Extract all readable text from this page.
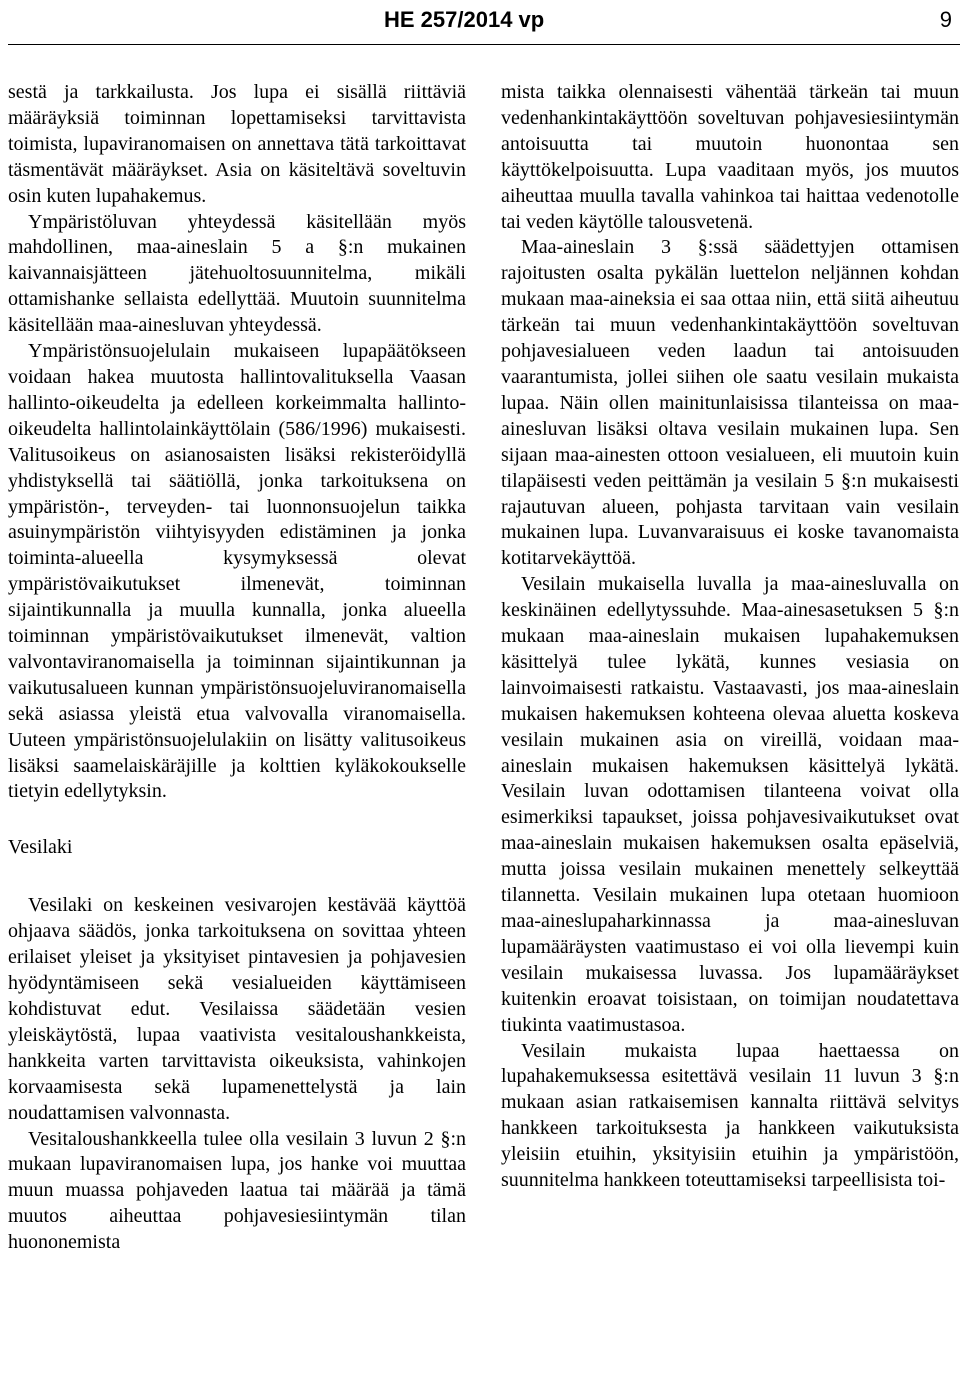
HE 257/2014 vp	9

sestä ja tarkkailusta. Jos lupa ei sisällä riittäviä määräyksiä toiminnan lopettamiseksi tarvittavista toimista, lupaviranomaisen on annettava tätä tarkoittavat täsmentävät määräykset. Asia on käsiteltävä soveltuvin osin kuten lupahakemus.

Ympäristöluvan yhteydessä käsitellään myös mahdollinen, maa-aineslain 5 a §:n mukainen kaivannaisjätteen jätehuoltosuunnitelma, mikäli ottamishanke sellaista edellyttää. Muutoin suunnitelma käsitellään maa-ainesluvan yhteydessä.

Ympäristönsuojelulain mukaiseen lupapäätökseen voidaan hakea muutosta hallintovalituksella Vaasan hallinto-oikeudelta ja edelleen korkeimmalta hallinto-oikeudelta hallintolainkäyttölain (586/1996) mukaisesti. Valitusoikeus on asianosaisten lisäksi rekisteröidyllä yhdistyksellä tai säätiöllä, jonka tarkoituksena on ympäristön-, terveyden- tai luonnonsuojelun taikka asuinympäristön viihtyisyyden edistäminen ja jonka toiminta-alueella kysymyksessä olevat ympäristövaikutukset ilmenevät, toiminnan sijaintikunnalla ja muulla kunnalla, jonka alueella toiminnan ympäristövaikutukset ilmenevät, valtion valvontaviranomaisella ja toiminnan sijaintikunnan ja vaikutusalueen kunnan ympäristönsuojeluviranomaisella sekä asiassa yleistä etua valvovalla viranomaisella. Uuteen ympäristönsuojelulakiin on lisätty valitusoikeus lisäksi saamelaiskäräjille ja kolttien kyläkokoukselle tietyin edellytyksin.

Vesilaki

Vesilaki on keskeinen vesivarojen kestävää käyttöä ohjaava säädös, jonka tarkoituksena on sovittaa yhteen erilaiset yleiset ja yksityiset pintavesien ja pohjavesien hyödyntämiseen sekä vesialueiden käyttämiseen kohdistuvat edut. Vesilaissa säädetään vesien yleiskäytöstä, lupaa vaativista vesitaloushankkeista, hankkeita varten tarvittavista oikeuksista, vahinkojen korvaamisesta sekä lupamenettelystä ja lain noudattamisen valvonnasta.

Vesitaloushankkeella tulee olla vesilain 3 luvun 2 §:n mukaan lupaviranomaisen lupa, jos hanke voi muuttaa muun muassa pohjaveden laatua tai määrää ja tämä muutos aiheuttaa pohjavesiesiintymän tilan huononemista

mista taikka olennaisesti vähentää tärkeän tai muun vedenhankintakäyttöön soveltuvan pohjavesiesiintymän antoisuutta tai muutoin huonontaa sen käyttökelpoisuutta. Lupa vaaditaan myös, jos muutos aiheuttaa muulla tavalla vahinkoa tai haittaa vedenotolle tai veden käytölle talousvetenä.

Maa-aineslain 3 §:ssä säädettyjen ottamisen rajoitusten osalta pykälän luettelon neljännen kohdan mukaan maa-aineksia ei saa ottaa niin, että siitä aiheutuu tärkeän tai muun vedenhankintakäyttöön soveltuvan pohjavesialueen veden laadun tai antoisuuden vaarantumista, jollei siihen ole saatu vesilain mukaista lupaa. Näin ollen mainitunlaisissa tilanteissa on maa-ainesluvan lisäksi oltava vesilain mukainen lupa. Sen sijaan maa-ainesten ottoon vesialueen, eli muutoin kuin tilapäisesti veden peittämän ja vesilain 5 §:n mukaisesti rajautuvan alueen, pohjasta tarvitaan vain vesilain mukainen lupa. Luvanvaraisuus ei koske tavanomaista kotitarvekäyttöä.

Vesilain mukaisella luvalla ja maa-ainesluvalla on keskinäinen edellytyssuhde. Maa-ainesasetuksen 5 §:n mukaan maa-aineslain mukaisen lupahakemuksen käsittelyä tulee lykätä, kunnes vesiasia on lainvoimaisesti ratkaistu. Vastaavasti, jos maa-aineslain mukaisen hakemuksen kohteena olevaa aluetta koskeva vesilain mukainen asia on vireillä, voidaan maa-aineslain mukaisen hakemuksen käsittelyä lykätä. Vesilain luvan odottamisen tilanteena voivat olla esimerkiksi tapaukset, joissa pohjavesivaikutukset ovat maa-aineslain mukaisen hakemuksen osalta epäselviä, mutta joissa vesilain mukainen menettely selkeyttää tilannetta. Vesilain mukainen lupa otetaan huomioon maa-aineslupaharkinnassa ja maa-ainesluvan lupamääräysten vaatimustaso ei voi olla lievempi kuin vesilain mukaisessa luvassa. Jos lupamääräykset kuitenkin eroavat toisistaan, on toimijan noudatettava tiukinta vaatimustasoa.

Vesilain mukaista lupaa haettaessa on lupahakemuksessa esitettävä vesilain 11 luvun 3 §:n mukaan asian ratkaisemisen kannalta riittävä selvitys hankkeen tarkoituksesta ja hankkeen vaikutuksista yleisiin etuihin, yksityisiin etuihin ja ympäristöön, suunnitelma hankkeen toteuttamiseksi tarpeellisista toi-
